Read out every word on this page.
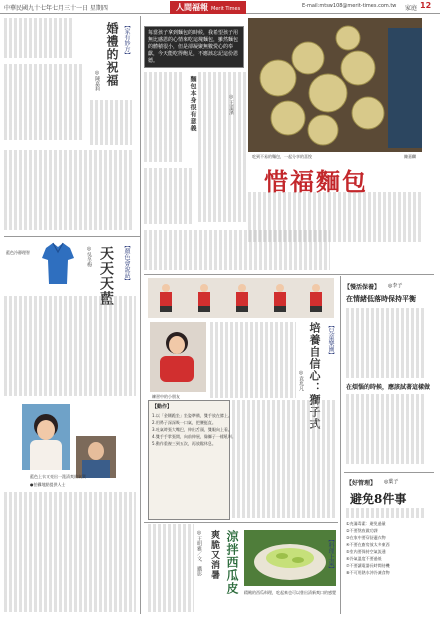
中華民國九十七年七月三十一日 星期四	人間福報 Merit Times	E-mail:mtsw108@merit-times.com.tw 家庭 12
【家有妙方】
婚禮的祝福
◎陳嘉莉
藍色冷靜理智	【顏色會說話】
天天天藍
◎吳冬梅
藍色上衣又亮出一派清爽的氣質
●拍攝地點提供人士
每當孩子拿到麵包的時候，我希望孩子用無比感恩的心情來吃這塊麵包，雖然麵包的體積很小，但是卻凝聚無數愛心的奉獻，今天能吃得飽足，不應該忘記這份恩德。
吃到不易的麵包，一起分享的喜悅	陳嘉麟
惜福麵包
麵包本身很有意義	◎王道濱
【慢活保養】 ◎李子
在情緒低落時保持平衡
在煩惱的時候，應該試著這樣做
練習中的小朋友
【兒童樂園】
培養自信心：獅子式
◎袁兆凡
【動作】
1.以「金剛跪坐」坐姿準備，雙手放在膝上。
2.用鼻子深深吸一口氣，把腰挺直。
3.吐氣時張大嘴巴，伸出舌頭，雙眼向上看。
4.雙手手掌張開，向前伸展，像獅子一樣吼叫。
5.動作重複三到五次，再放鬆休息。
精緻的西瓜料理，吃起來也可以嘗出清新爽口的感覺
【料理上桌】
涼拌西瓜皮
爽脆又消暑
◎王明雅／文．攝影
【好管理】 ◎葉子
避免8件事
①充滿毒素：避免過量
②不要熬夜做功課
③在家中要穿舒適衣物
④不要在廚房放太多東西
⑤室內要保持空氣流通
⑥冷氣溫度不要過低
⑦不要讓電器長時間待機
⑧不可用熱水沖冷凍食物
